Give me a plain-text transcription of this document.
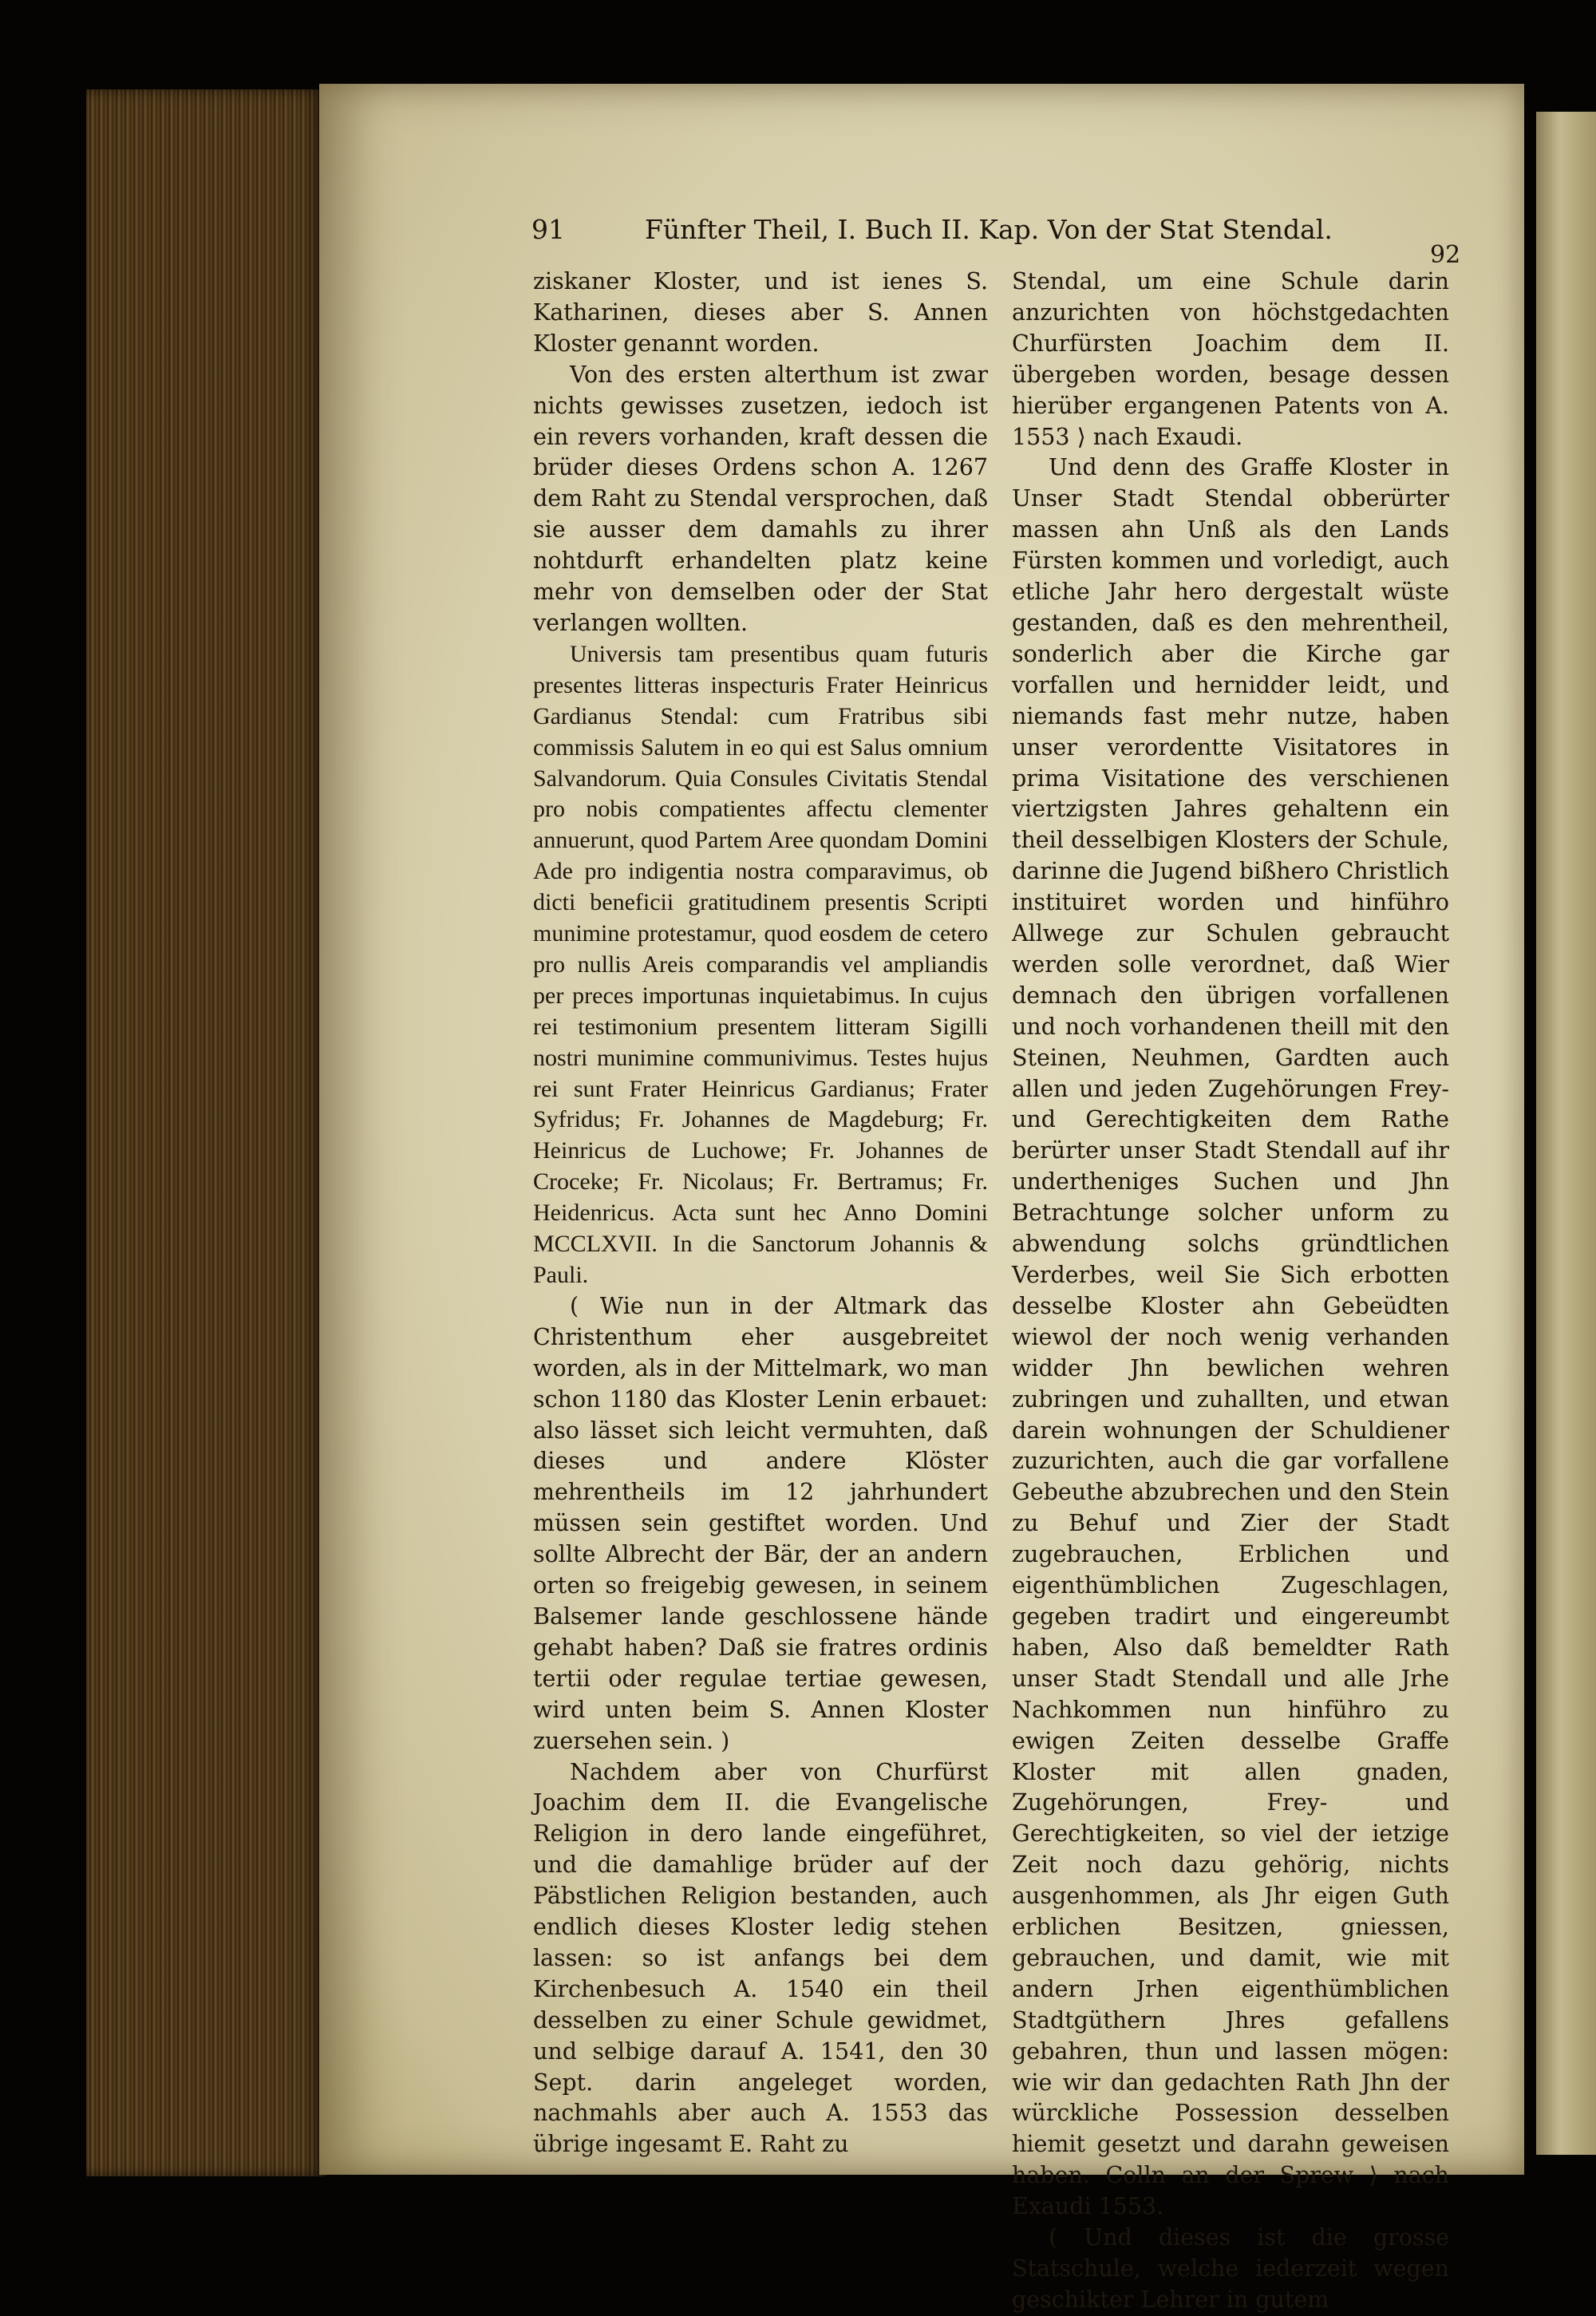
91	Fünfter Theil, I. Buch II. Kap. Von der Stat Stendal.
92

ziskaner Kloster, und ist ienes S. Katharinen, dieses aber S. Annen Kloster genannt worden.

Von des ersten alterthum ist zwar nichts gewisses zusetzen, iedoch ist ein revers vorhanden, kraft dessen die brüder dieses Ordens schon A. 1267 dem Raht zu Stendal versprochen, daß sie ausser dem damahls zu ihrer nohtdurft erhandelten platz keine mehr von demselben oder der Stat verlangen wollten.

Universis tam presentibus quam futuris presentes litteras inspecturis Frater Heinricus Gardianus Stendal: cum Fratribus sibi commissis Salutem in eo qui est Salus omnium Salvandorum. Quia Consules Civitatis Stendal pro nobis compatientes affectu clementer annuerunt, quod Partem Aree quondam Domini Ade pro indigentia nostra comparavimus, ob dicti beneficii gratitudinem presentis Scripti munimine protestamur, quod eosdem de cetero pro nullis Areis comparandis vel ampliandis per preces importunas inquietabimus. In cujus rei testimonium presentem litteram Sigilli nostri munimine communivimus. Testes hujus rei sunt Frater Heinricus Gardianus; Frater Syfridus; Fr. Johannes de Magdeburg; Fr. Heinricus de Luchowe; Fr. Johannes de Croceke; Fr. Nicolaus; Fr. Bertramus; Fr. Heidenricus. Acta sunt hec Anno Domini MCCLXVII. In die Sanctorum Johannis & Pauli.

( Wie nun in der Altmark das Christenthum eher ausgebreitet worden, als in der Mittelmark, wo man schon 1180 das Kloster Lenin erbauet: also lässet sich leicht vermuhten, daß dieses und andere Klöster mehrentheils im 12 jahrhundert müssen sein gestiftet worden. Und sollte Albrecht der Bär, der an andern orten so freigebig gewesen, in seinem Balsemer lande geschlossene hände gehabt haben? Daß sie fratres ordinis tertii oder regulae tertiae gewesen, wird unten beim S. Annen Kloster zuersehen sein. )

Nachdem aber von Churfürst Joachim dem II. die Evangelische Religion in dero lande eingeführet, und die damahlige brüder auf der Päbstlichen Religion bestanden, auch endlich dieses Kloster ledig stehen lassen: so ist anfangs bei dem Kirchenbesuch A. 1540 ein theil desselben zu einer Schule gewidmet, und selbige darauf A. 1541, den 30 Sept. darin angeleget worden, nachmahls aber auch A. 1553 das übrige ingesamt E. Raht zu

Stendal, um eine Schule darin anzurichten von höchstgedachten Churfürsten Joachim dem II. übergeben worden, besage dessen hierüber ergangenen Patents von A. 1553 ⟩ nach Exaudi.

Und denn des Graffe Kloster in Unser Stadt Stendal obberürter massen ahn Unß als den Lands Fürsten kommen und vorledigt, auch etliche Jahr hero dergestalt wüste gestanden, daß es den mehrentheil, sonderlich aber die Kirche gar vorfallen und hernidder leidt, und niemands fast mehr nutze, haben unser verordentte Visitatores in prima Visitatione des verschienen viertzigsten Jahres gehaltenn ein theil desselbigen Klosters der Schule, darinne die Jugend bißhero Christlich instituiret worden und hinführo Allwege zur Schulen gebraucht werden solle verordnet, daß Wier demnach den übrigen vorfallenen und noch vorhandenen theill mit den Steinen, Neuhmen, Gardten auch allen und jeden Zugehörungen Frey- und Gerechtigkeiten dem Rathe berürter unser Stadt Stendall auf ihr undertheniges Suchen und Jhn Betrachtunge solcher unform zu abwendung solchs gründtlichen Verderbes, weil Sie Sich erbotten desselbe Kloster ahn Gebeüdten wiewol der noch wenig verhanden widder Jhn bewlichen wehren zubringen und zuhallten, und etwan darein wohnungen der Schuldiener zuzurichten, auch die gar vorfallene Gebeuthe abzubrechen und den Stein zu Behuf und Zier der Stadt zugebrauchen, Erblichen und eigenthümblichen Zugeschlagen, gegeben tradirt und eingereumbt haben, Also daß bemeldter Rath unser Stadt Stendall und alle Jrhe Nachkommen nun hinführo zu ewigen Zeiten desselbe Graffe Kloster mit allen gnaden, Zugehörungen, Frey- und Gerechtigkeiten, so viel der ietzige Zeit noch dazu gehörig, nichts ausgenhommen, als Jhr eigen Guth erblichen Besitzen, gniessen, gebrauchen, und damit, wie mit andern Jrhen eigenthümblichen Stadtgüthern Jhres gefallens gebahren, thun und lassen mögen: wie wir dan gedachten Rath Jhn der würckliche Possession desselben hiemit gesetzt und darahn geweisen haben. Colln an der Sprew ⟩ nach Exaudi 1553.

( Und dieses ist die grosse Statschule, welche iederzeit wegen geschikter Lehrer in gutem
